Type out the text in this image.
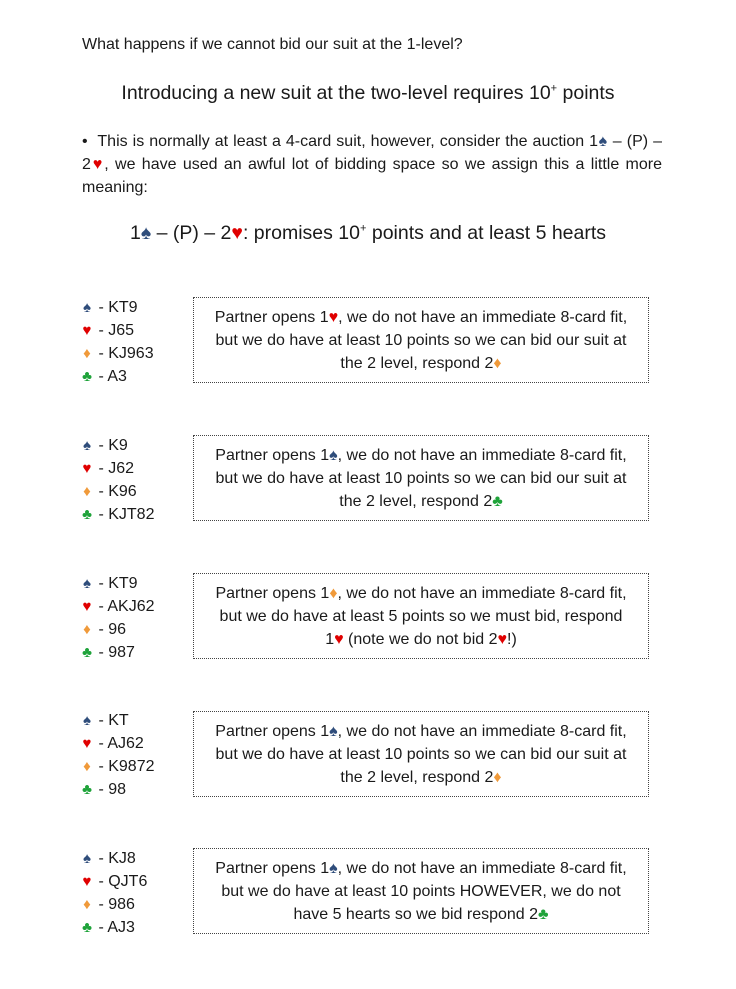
What happens if we cannot bid our suit at the 1-level?
Introducing a new suit at the two-level requires 10+ points
• This is normally at least a 4-card suit, however, consider the auction 1♠ – (P) – 2♥, we have used an awful lot of bidding space so we assign this a little more meaning:
1♠ – (P) – 2♥: promises 10+ points and at least 5 hearts
♠ - KT9
♥ - J65
♦ - KJ963
♣ - A3
Partner opens 1♥, we do not have an immediate 8-card fit, but we do have at least 10 points so we can bid our suit at the 2 level, respond 2♦
♠ - K9
♥ - J62
♦ - K96
♣ - KJT82
Partner opens 1♠, we do not have an immediate 8-card fit, but we do have at least 10 points so we can bid our suit at the 2 level, respond 2♣
♠ - KT9
♥ - AKJ62
♦ - 96
♣ - 987
Partner opens 1♦, we do not have an immediate 8-card fit, but we do have at least 5 points so we must bid, respond 1♥ (note we do not bid 2♥!)
♠ - KT
♥ - AJ62
♦ - K9872
♣ - 98
Partner opens 1♠, we do not have an immediate 8-card fit, but we do have at least 10 points so we can bid our suit at the 2 level, respond 2♦
♠ - KJ8
♥ - QJT6
♦ - 986
♣ - AJ3
Partner opens 1♠, we do not have an immediate 8-card fit, but we do have at least 10 points HOWEVER, we do not have 5 hearts so we bid respond 2♣
